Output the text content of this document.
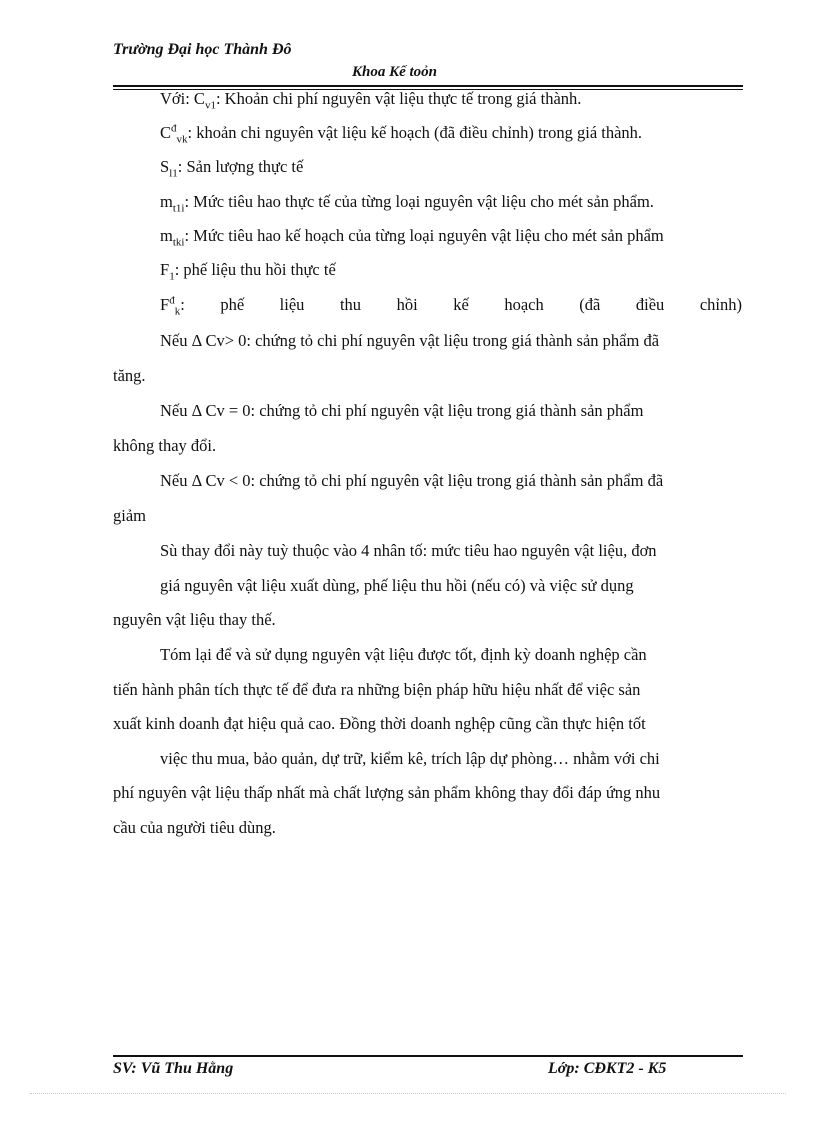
Trường Đại học Thành Đô
Khoa Kế toỏn
Với: $C_{v1}$: Khoản chi phí nguyên vật liệu thực tế trong giá thành.
$C^đ_{vk}$: khoản chi nguyên vật liệu kế hoạch (đã điều chỉnh) trong giá thành.
$S_{l1}$: Sản lượng thực tế
$m_{t1i}$: Mức tiêu hao thực tế của từng loại nguyên vật liệu cho mét sản phẩm.
$m_{tki}$: Mức tiêu hao kế hoạch của từng loại nguyên vật liệu cho mét sản phẩm
$F_1$: phế liệu thu hồi thực tế
$F^đ_k$: phế liệu thu hồi kế hoạch (đã điều chỉnh)
Nếu Δ Cv> 0: chứng tỏ chi phí nguyên vật liệu trong giá thành sản phẩm đã
tăng.
Nếu Δ Cv = 0: chứng tỏ chi phí nguyên vật liệu trong giá thành sản phẩm
không thay đổi.
Nếu Δ Cv < 0: chứng tỏ chi phí nguyên vật liệu trong giá thành sản phẩm đã
giảm
Sù thay đổi này tuỳ thuộc vào 4 nhân tố: mức tiêu hao nguyên vật liệu, đơn
giá nguyên vật liệu xuất dùng, phế liệu thu hồi (nếu có) và việc sử dụng
nguyên vật liệu thay thế.
Tóm lại để và sử dụng nguyên vật liệu được tốt, định kỳ doanh nghệp cần
tiến hành phân tích thực tế để đưa ra những biện pháp hữu hiệu nhất để việc sản
xuất kinh doanh đạt hiệu quả cao. Đồng thời doanh nghệp cũng cần thực hiện tốt
việc thu mua, bảo quản, dự trữ, kiểm kê, trích lập dự phòng… nhằm với chi
phí nguyên vật liệu thấp nhất mà chất lượng sản phẩm không thay đổi đáp ứng nhu
cầu của người tiêu dùng.
SV: Vũ Thu Hằng	Lớp: CĐKT2 - K5
